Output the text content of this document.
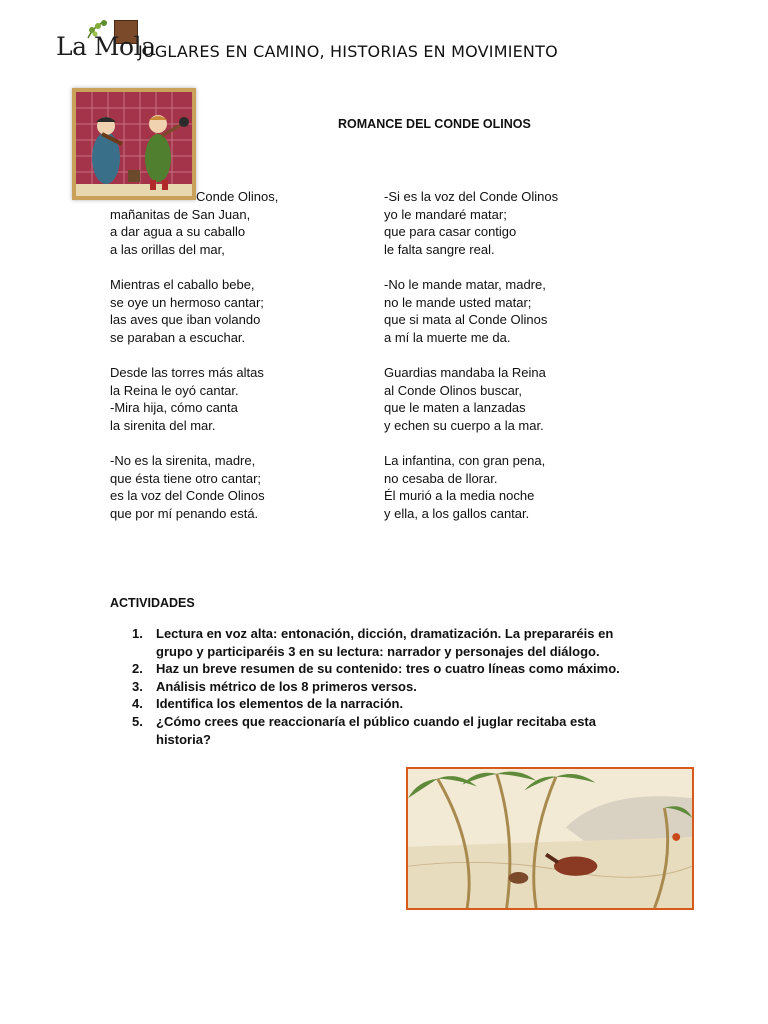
La Mola
JUGLARES EN CAMINO, HISTORIAS EN MOVIMIENTO
ROMANCE DEL CONDE OLINOS

Conde Olinos,
mañanitas de San Juan,
a dar agua a su caballo
a las orillas del mar,

Mientras el caballo bebe,
se oye un hermoso cantar;
las aves que iban volando
se paraban a escuchar.

Desde las torres más altas
la Reina le oyó cantar.
-Mira hija, cómo canta
la sirenita del mar.

-No es la sirenita, madre,
que ésta tiene otro cantar;
es la voz del Conde Olinos
que por mí penando está.

-Si es la voz del Conde Olinos
yo le mandaré matar;
que para casar contigo
le falta sangre real.

-No le mande matar, madre,
no le mande usted matar;
que si mata al Conde Olinos
a mí la muerte me da.

Guardias mandaba la Reina
al Conde Olinos buscar,
que le maten a lanzadas
y echen su cuerpo a la mar.

La infantina, con gran pena,
no cesaba de llorar.
Él murió a la media noche
y ella, a los gallos cantar.

ACTIVIDADES
1. Lectura en voz alta: entonación, dicción, dramatización. La prepararéis en grupo y participaréis 3 en su lectura: narrador y personajes del diálogo.
2. Haz un breve resumen de su contenido: tres o cuatro líneas como máximo.
3. Análisis métrico de los 8 primeros versos.
4. Identifica los elementos de la narración.
5. ¿Cómo crees que reaccionaría el público cuando el juglar recitaba esta historia?
